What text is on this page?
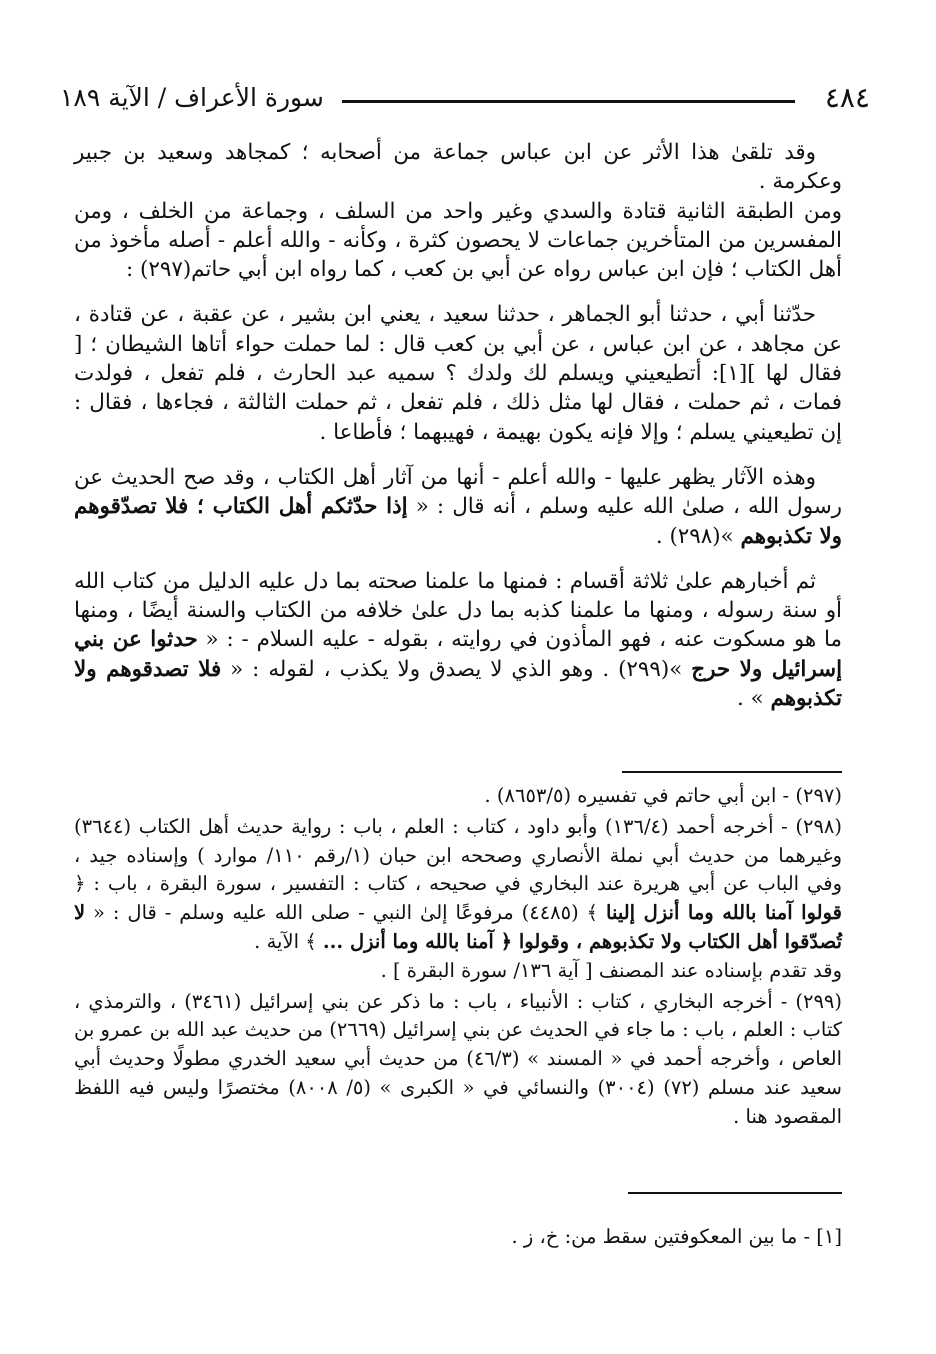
٤٨٤
سورة الأعراف / الآية ١٨٩

وقد تلقىٰ هذا الأثر عن ابن عباس جماعة من أصحابه ؛ كمجاهد وسعيد بن جبير وعكرمة .
ومن الطبقة الثانية قتادة والسدي وغير واحد من السلف ، وجماعة من الخلف ، ومن المفسرين من المتأخرين جماعات لا يحصون كثرة ، وكأنه - والله أعلم - أصله مأخوذ من أهل الكتاب ؛ فإن ابن عباس رواه عن أبي بن كعب ، كما رواه ابن أبي حاتم(٢٩٧) :

حدّثنا أبي ، حدثنا أبو الجماهر ، حدثنا سعيد ، يعني ابن بشير ، عن عقبة ، عن قتادة ، عن مجاهد ، عن ابن عباس ، عن أبي بن كعب قال : لما حملت حواء أتاها الشيطان ؛ [ فقال لها ][١]: أتطيعيني ويسلم لك ولدك ؟ سميه عبد الحارث ، فلم تفعل ، فولدت فمات ، ثم حملت ، فقال لها مثل ذلك ، فلم تفعل ، ثم حملت الثالثة ، فجاءها ، فقال : إن تطيعيني يسلم ؛ وإلا فإنه يكون بهيمة ، فهيبهما ؛ فأطاعا .

وهذه الآثار يظهر عليها - والله أعلم - أنها من آثار أهل الكتاب ، وقد صح الحديث عن رسول الله ، صلىٰ الله عليه وسلم ، أنه قال : « إذا حدّثكم أهل الكتاب ؛ فلا تصدّقوهم ولا تكذبوهم »(٢٩٨) .

ثم أخبارهم علىٰ ثلاثة أقسام : فمنها ما علمنا صحته بما دل عليه الدليل من كتاب الله أو سنة رسوله ، ومنها ما علمنا كذبه بما دل علىٰ خلافه من الكتاب والسنة أيضًا ، ومنها ما هو مسكوت عنه ، فهو المأذون في روايته ، بقوله - عليه السلام - : « حدثوا عن بني إسرائيل ولا حرج »(٢٩٩) . وهو الذي لا يصدق ولا يكذب ، لقوله : « فلا تصدقوهم ولا تكذبوهم » .

(٢٩٧) - ابن أبي حاتم في تفسيره (٨٦٥٣/٥) .

(٢٩٨) - أخرجه أحمد (١٣٦/٤) وأبو داود ، كتاب : العلم ، باب : رواية حديث أهل الكتاب (٣٦٤٤) وغيرهما من حديث أبي نملة الأنصاري وصححه ابن حبان (١/رقم ١١٠/ موارد ) وإسناده جيد ، وفي الباب عن أبي هريرة عند البخاري في صحيحه ، كتاب : التفسير ، سورة البقرة ، باب : ﴿ قولوا آمنا بالله وما أنزل إلينا ﴾ (٤٤٨٥) مرفوعًا إلىٰ النبي - صلى الله عليه وسلم - قال : « لا تُصدّقوا أهل الكتاب ولا تكذبوهم ، وقولوا ﴿ آمنا بالله وما أنزل ... ﴾ الآية .
وقد تقدم بإسناده عند المصنف [ آية ١٣٦/ سورة البقرة ] .

(٢٩٩) - أخرجه البخاري ، كتاب : الأنبياء ، باب : ما ذكر عن بني إسرائيل (٣٤٦١) ، والترمذي ، كتاب : العلم ، باب : ما جاء في الحديث عن بني إسرائيل (٢٦٦٩) من حديث عبد الله بن عمرو بن العاص ، وأخرجه أحمد في « المسند » (٤٦/٣) من حديث أبي سعيد الخدري مطولًا وحديث أبي سعيد عند مسلم (٧٢) (٣٠٠٤) والنسائي في « الكبرى » (٥/ ٨٠٠٨) مختصرًا وليس فيه اللفظ المقصود هنا .

[١] - ما بين المعكوفتين سقط من: خ، ز .
